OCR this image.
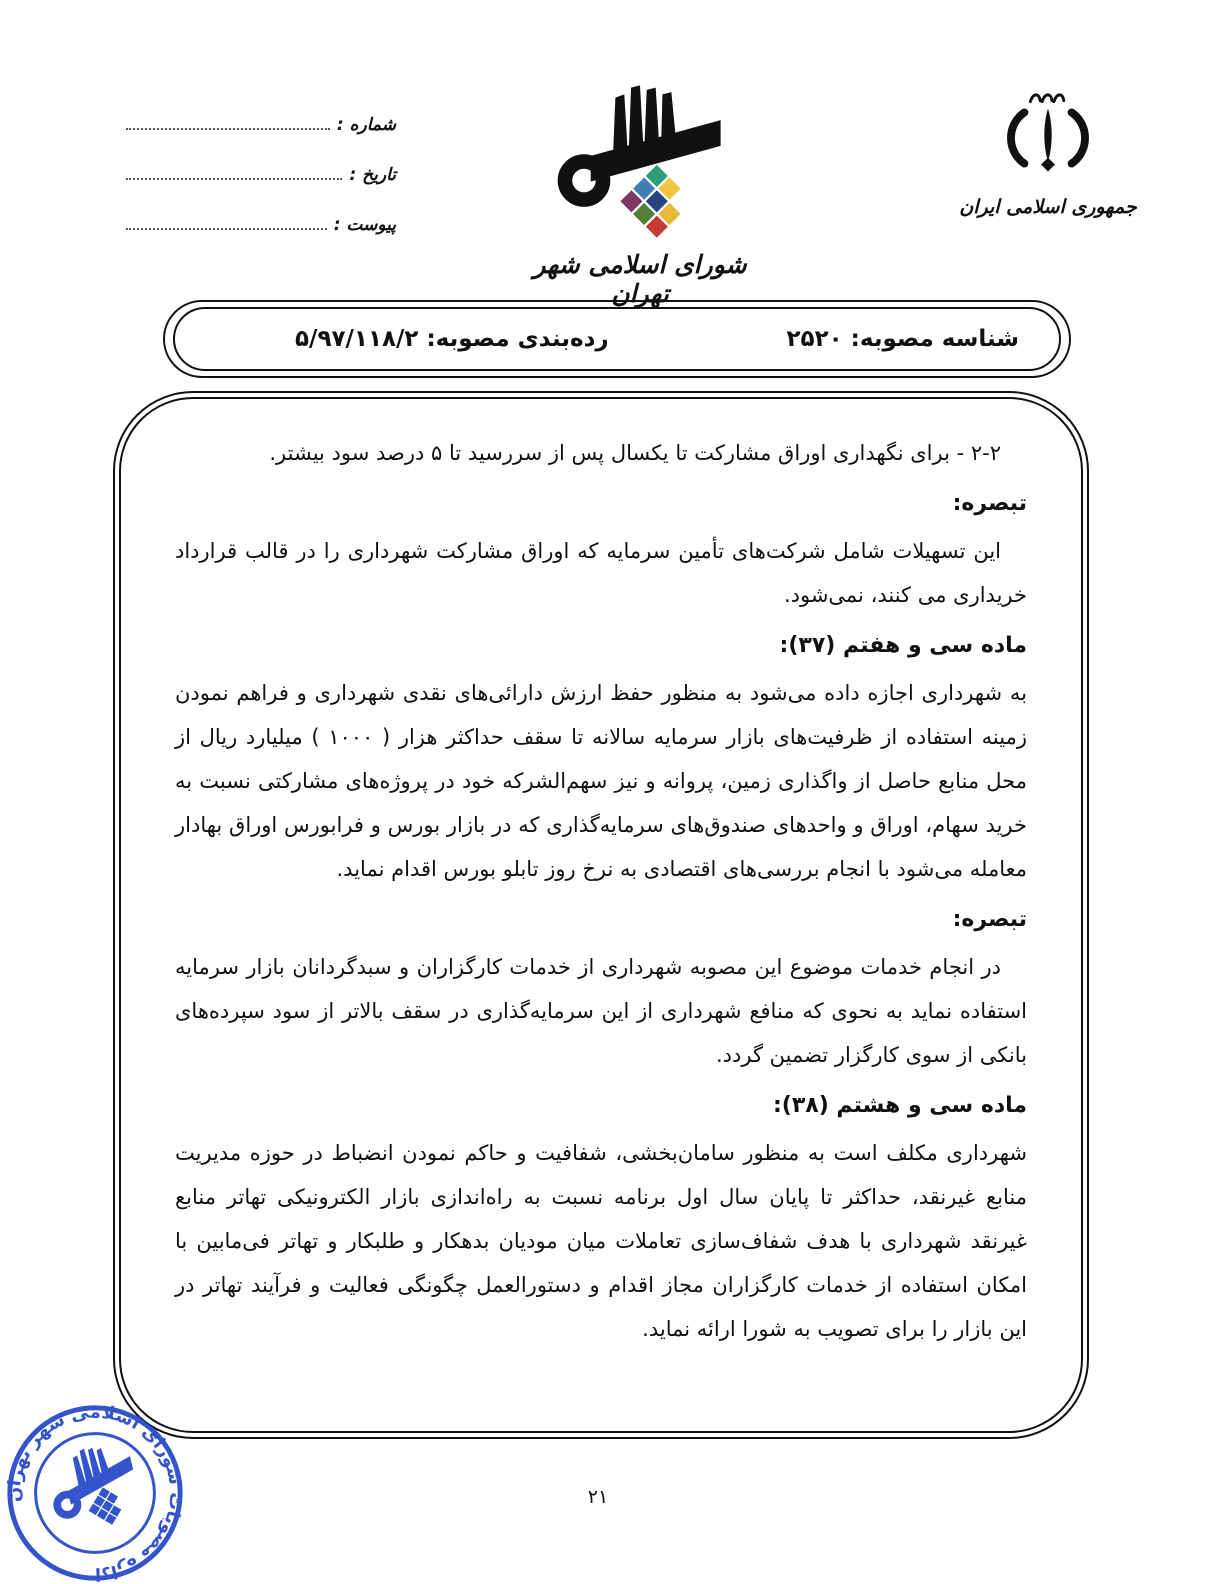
شماره :
تاریخ :
پیوست :
شورای اسلامی شهر تهران
جمهوری اسلامی ایران
شناسه مصوبه: ۲۵۲۰
رده‌بندی مصوبه: ۵/۹۷/۱۱۸/۲

۲-۲ - برای نگهداری اوراق مشارکت تا یکسال پس از سررسید تا ۵ درصد سود بیشتر.

تبصره:

این تسهیلات شامل شرکت‌های تأمین سرمایه که اوراق مشارکت شهرداری را در قالب قرارداد خریداری می کنند، نمی‌شود.

ماده سی و هفتم (۳۷):

به شهرداری اجازه داده می‌شود به منظور حفظ ارزش دارائی‌های نقدی شهرداری و فراهم نمودن زمینه استفاده از ظرفیت‌های بازار سرمایه سالانه تا سقف حداکثر هزار ( ۱۰۰۰ ) میلیارد ریال از محل منابع حاصل از واگذاری زمین، پروانه و نیز سهم‌الشرکه خود در پروژه‌های مشارکتی نسبت به خرید سهام، اوراق و واحدهای صندوق‌های سرمایه‌گذاری که در بازار بورس و فرابورس اوراق بهادار معامله می‌شود با انجام بررسی‌های اقتصادی به نرخ روز تابلو بورس اقدام نماید.

تبصره:

در انجام خدمات موضوع این مصوبه شهرداری از خدمات کارگزاران و سبدگردانان بازار سرمایه استفاده نماید به نحوی که منافع شهرداری از این سرمایه‌گذاری در سقف بالاتر از سود سپرده‌های بانکی از سوی کارگزار تضمین گردد.

ماده سی و هشتم (۳۸):

شهرداری مکلف است به منظور سامان‌بخشی، شفافیت و حاکم نمودن انضباط در حوزه مدیریت منابع غیرنقد، حداکثر تا پایان سال اول برنامه نسبت به راه‌اندازی بازار الکترونیکی تهاتر منابع غیرنقد شهرداری با هدف شفاف‌سازی تعاملات میان مودیان بدهکار و طلبکار و تهاتر فی‌مابین با امکان استفاده از خدمات کارگزاران مجاز اقدام و دستورالعمل چگونگی فعالیت و فرآیند تهاتر در این بازار را برای تصویب به شورا ارائه نماید.

اداره مصوبات شورای اسلامی شهر تهران
۲۱
